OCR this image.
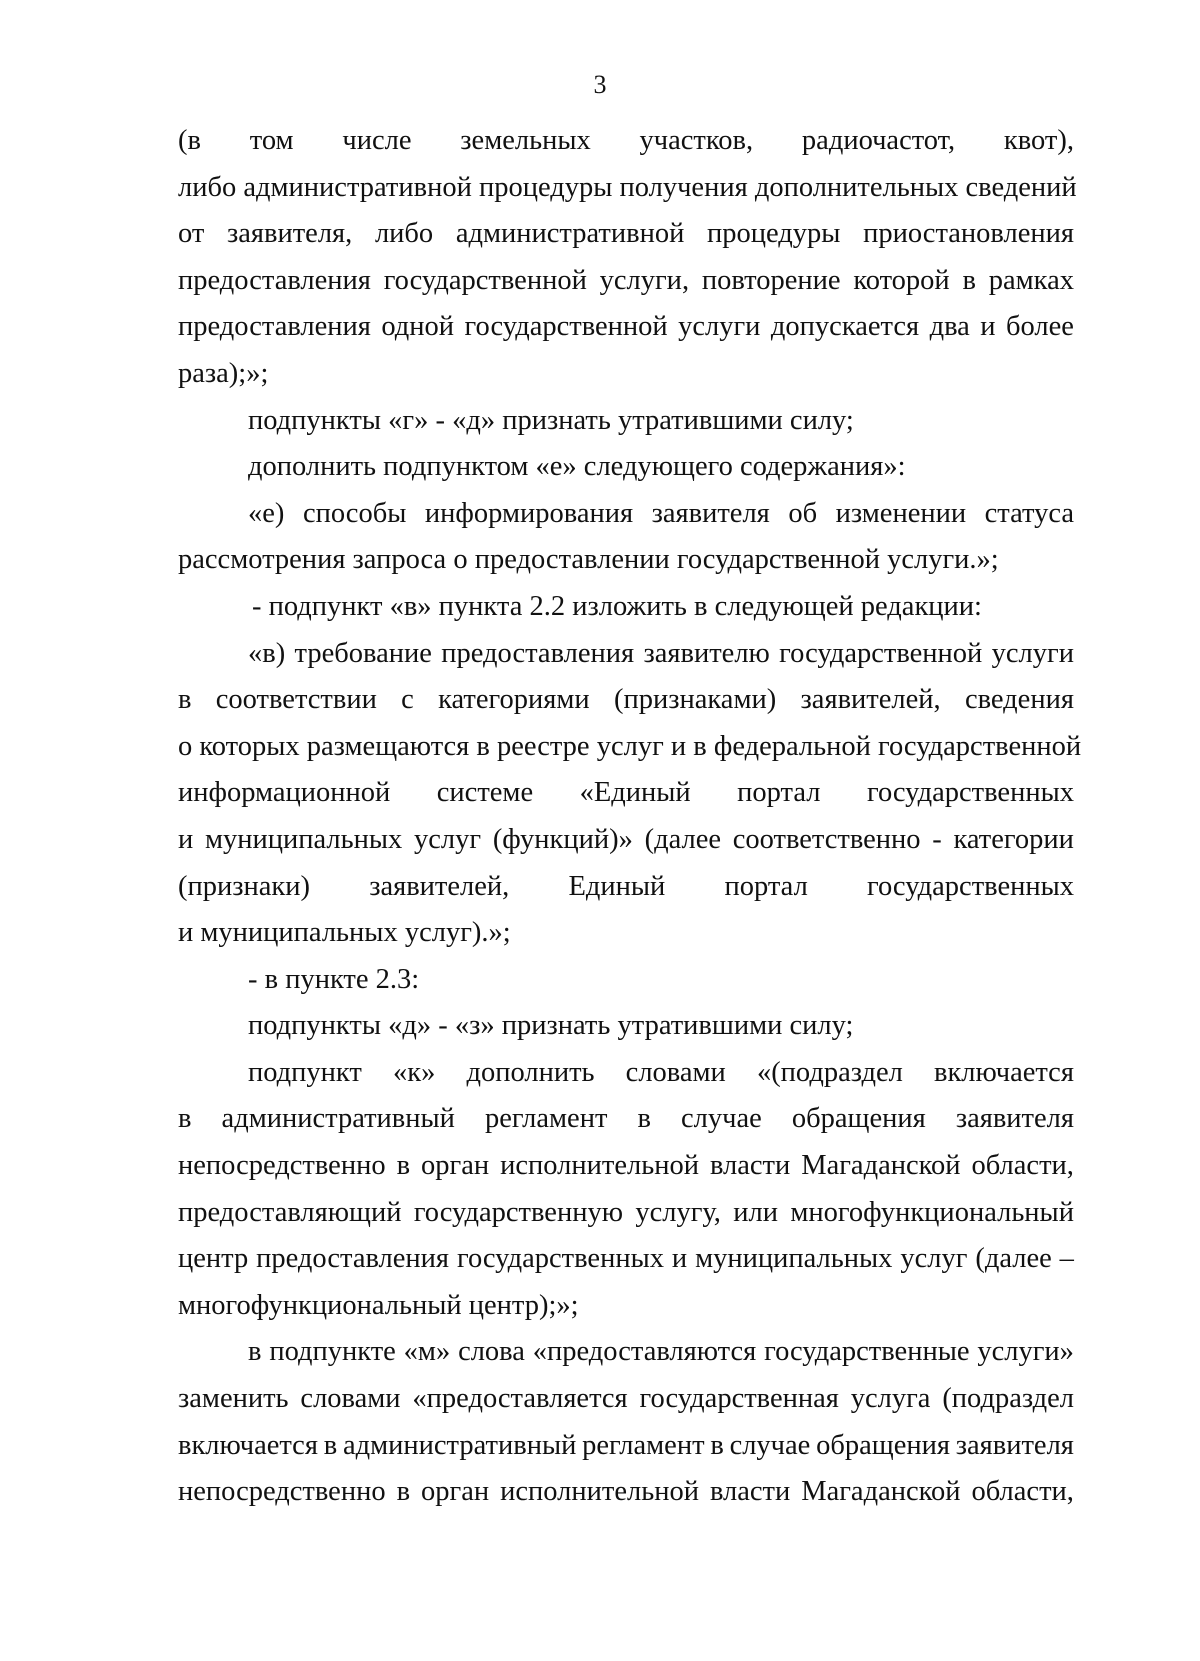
3
(в том числе земельных участков, радиочастот, квот),
либо административной процедуры получения дополнительных сведений
от заявителя, либо административной процедуры приостановления
предоставления государственной услуги, повторение которой в рамках
предоставления одной государственной услуги допускается два и более
раза);»;
подпункты «г» - «д» признать утратившими силу;
дополнить подпунктом «е» следующего содержания»:
«е) способы информирования заявителя об изменении статуса
рассмотрения запроса о предоставлении государственной услуги.»;
- подпункт «в» пункта 2.2 изложить в следующей редакции:
«в) требование предоставления заявителю государственной услуги
в соответствии с категориями (признаками) заявителей, сведения
о которых размещаются в реестре услуг и в федеральной государственной
информационной системе «Единый портал государственных
и муниципальных услуг (функций)» (далее соответственно - категории
(признаки) заявителей, Единый портал государственных
и муниципальных услуг).»;
- в пункте 2.3:
подпункты «д» - «з» признать утратившими силу;
подпункт «к» дополнить словами «(подраздел включается
в административный регламент в случае обращения заявителя
непосредственно в орган исполнительной власти Магаданской области,
предоставляющий государственную услугу, или многофункциональный
центр предоставления государственных и муниципальных услуг (далее –
многофункциональный центр);»;
в подпункте «м» слова «предоставляются государственные услуги»
заменить словами «предоставляется государственная услуга (подраздел
включается в административный регламент в случае обращения заявителя
непосредственно в орган исполнительной власти Магаданской области,
